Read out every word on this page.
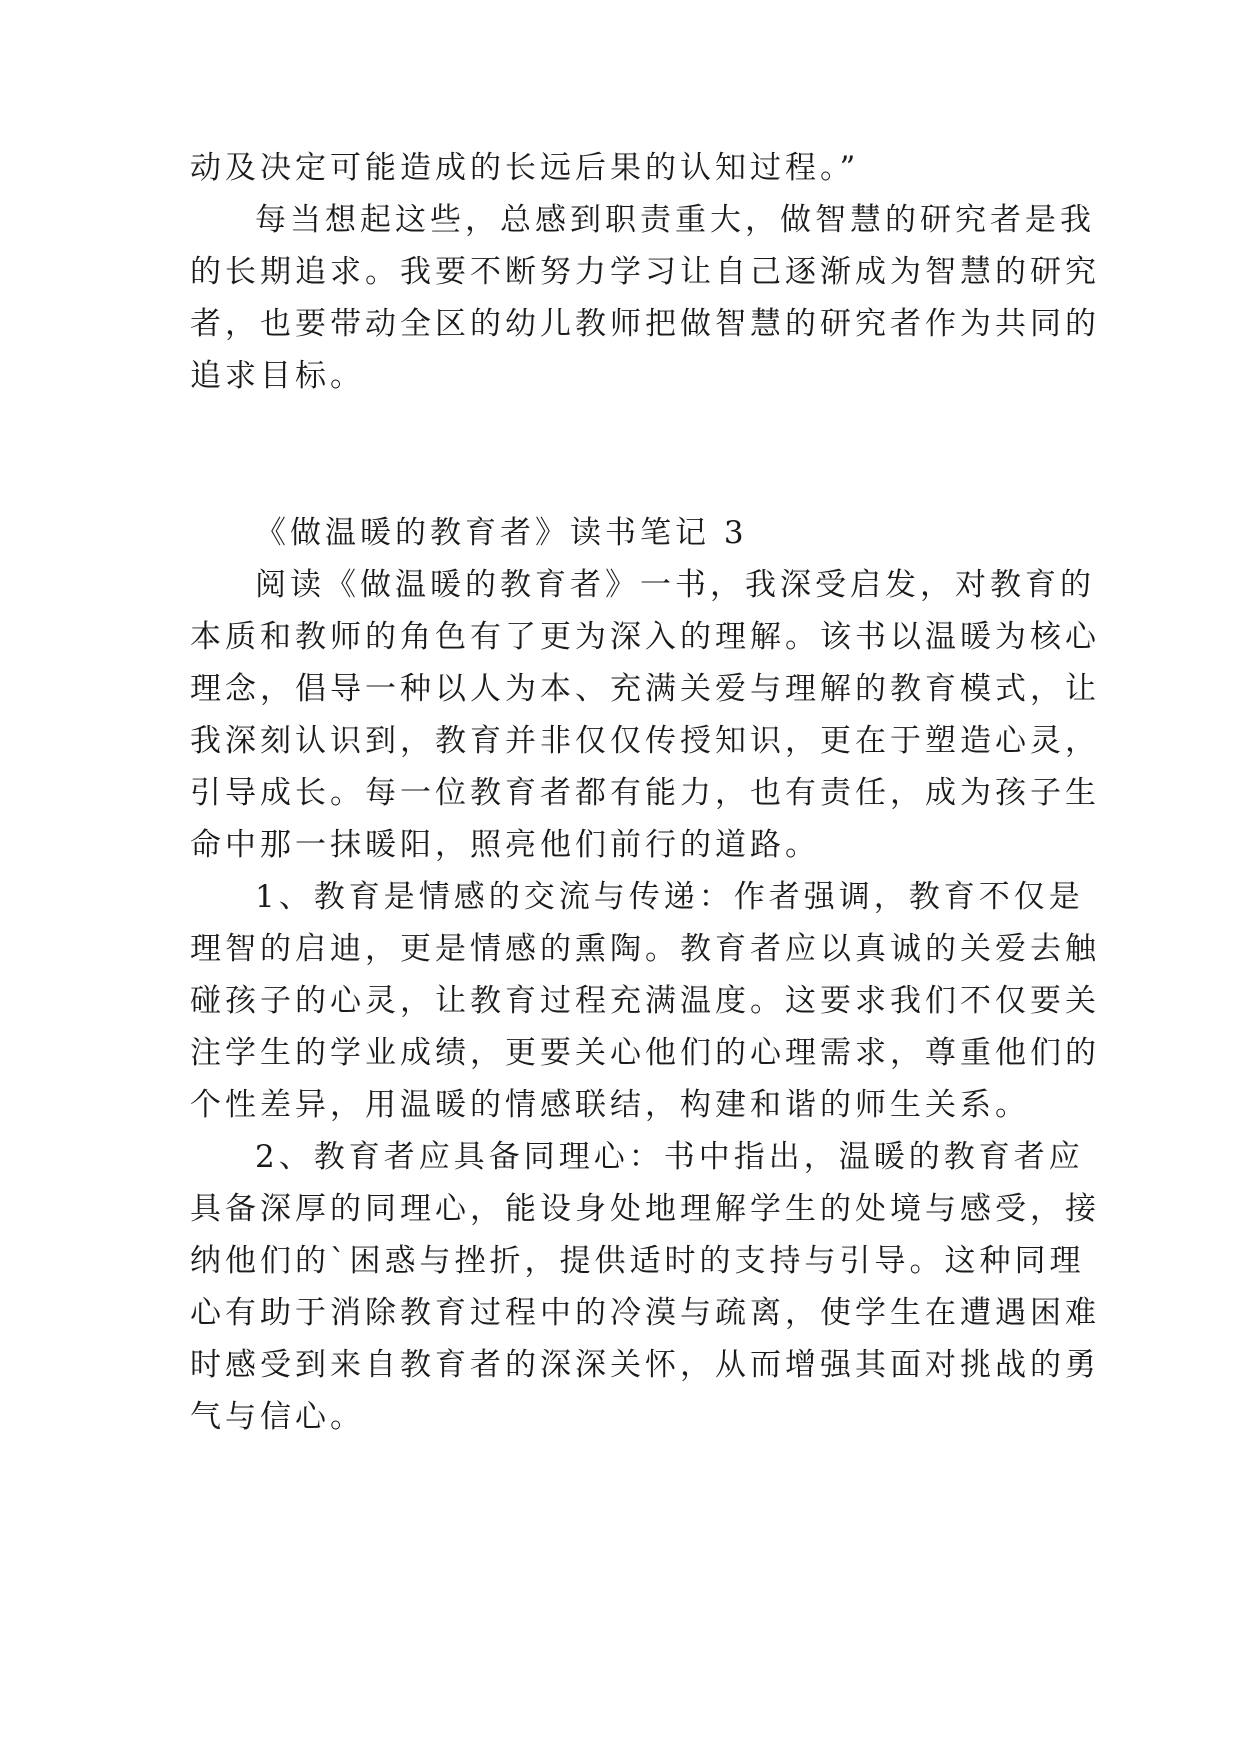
动及决定可能造成的长远后果的认知过程。”
每当想起这些，总感到职责重大，做智慧的研究者是我
的长期追求。我要不断努力学习让自己逐渐成为智慧的研究
者，也要带动全区的幼儿教师把做智慧的研究者作为共同的
追求目标。
《做温暖的教育者》读书笔记 3
阅读《做温暖的教育者》一书，我深受启发，对教育的
本质和教师的角色有了更为深入的理解。该书以温暖为核心
理念，倡导一种以人为本、充满关爱与理解的教育模式，让
我深刻认识到，教育并非仅仅传授知识，更在于塑造心灵，
引导成长。每一位教育者都有能力，也有责任，成为孩子生
命中那一抹暖阳，照亮他们前行的道路。
1、教育是情感的交流与传递：作者强调，教育不仅是
理智的启迪，更是情感的熏陶。教育者应以真诚的关爱去触
碰孩子的心灵，让教育过程充满温度。这要求我们不仅要关
注学生的学业成绩，更要关心他们的心理需求，尊重他们的
个性差异，用温暖的情感联结，构建和谐的师生关系。
2、教育者应具备同理心：书中指出，温暖的教育者应
具备深厚的同理心，能设身处地理解学生的处境与感受，接
纳他们的`困惑与挫折，提供适时的支持与引导。这种同理
心有助于消除教育过程中的冷漠与疏离，使学生在遭遇困难
时感受到来自教育者的深深关怀，从而增强其面对挑战的勇
气与信心。
